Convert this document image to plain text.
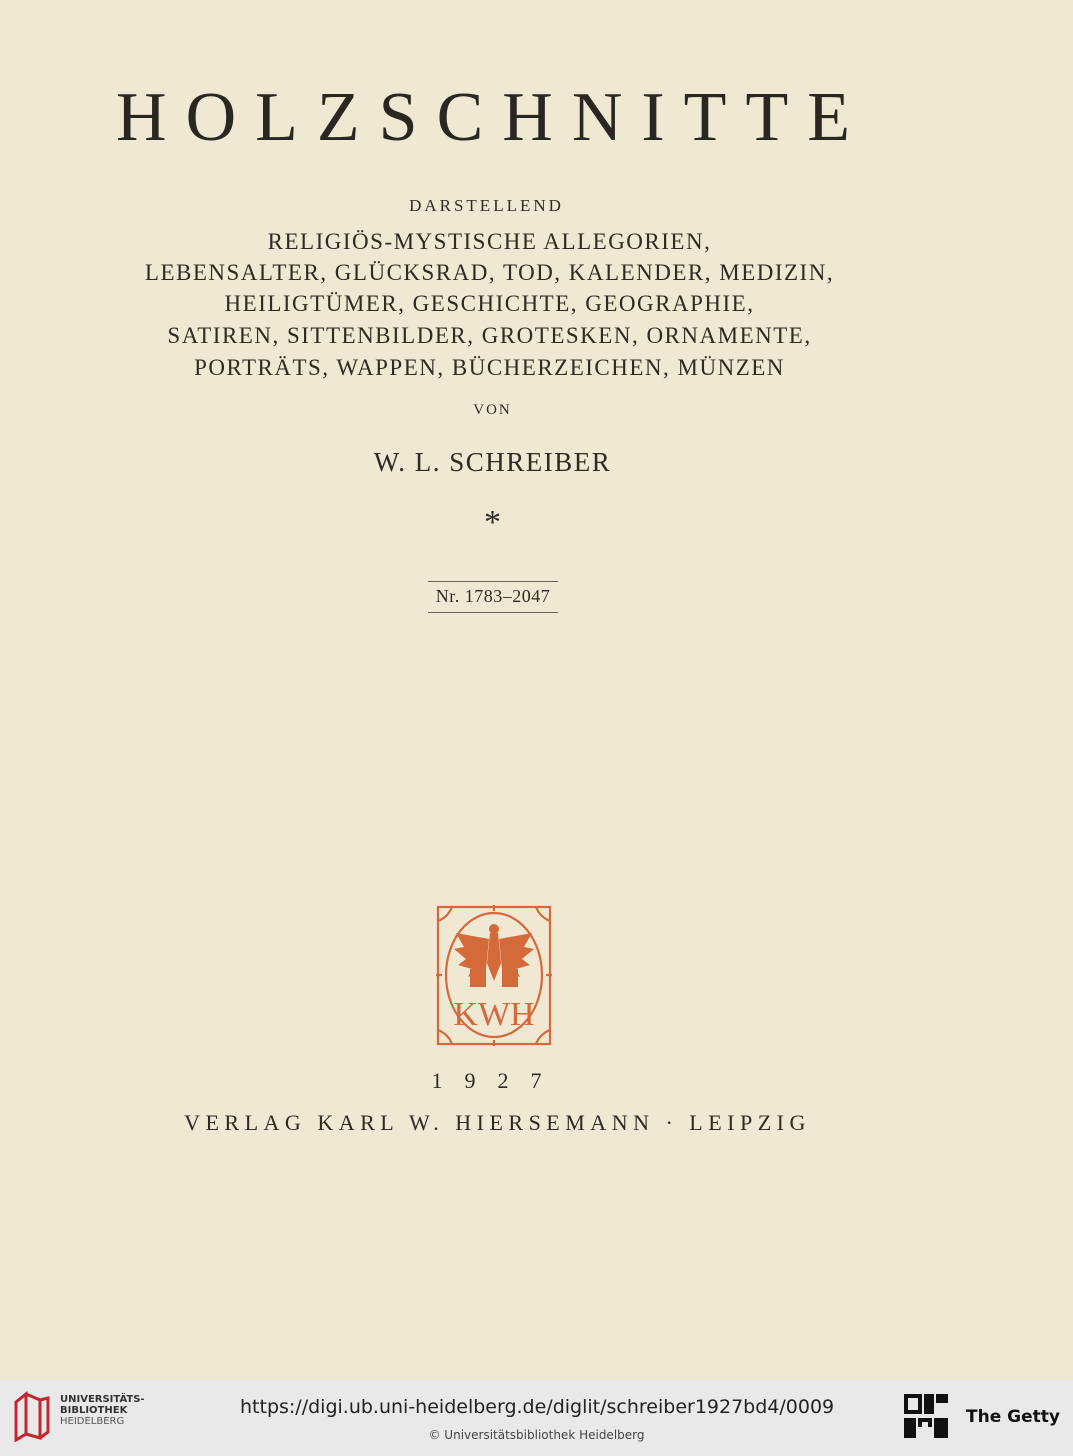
HOLZSCHNITTE
DARSTELLEND
RELIGIÖS-MYSTISCHE ALLEGORIEN,
LEBENSALTER, GLÜCKSRAD, TOD, KALENDER, MEDIZIN,
HEILIGTÜMER, GESCHICHTE, GEOGRAPHIE,
SATIREN, SITTENBILDER, GROTESKEN, ORNAMENTE,
PORTRÄTS, WAPPEN, BÜCHERZEICHEN, MÜNZEN
VON
W. L. SCHREIBER
*
Nr. 1783–2047
KWH
1927
VERLAG KARL W. HIERSEMANN · LEIPZIG
UNIVERSITÄTS-
BIBLIOTHEK
HEIDELBERG
https://digi.ub.uni-heidelberg.de/diglit/schreiber1927bd4/0009
© Universitätsbibliothek Heidelberg
The Getty
